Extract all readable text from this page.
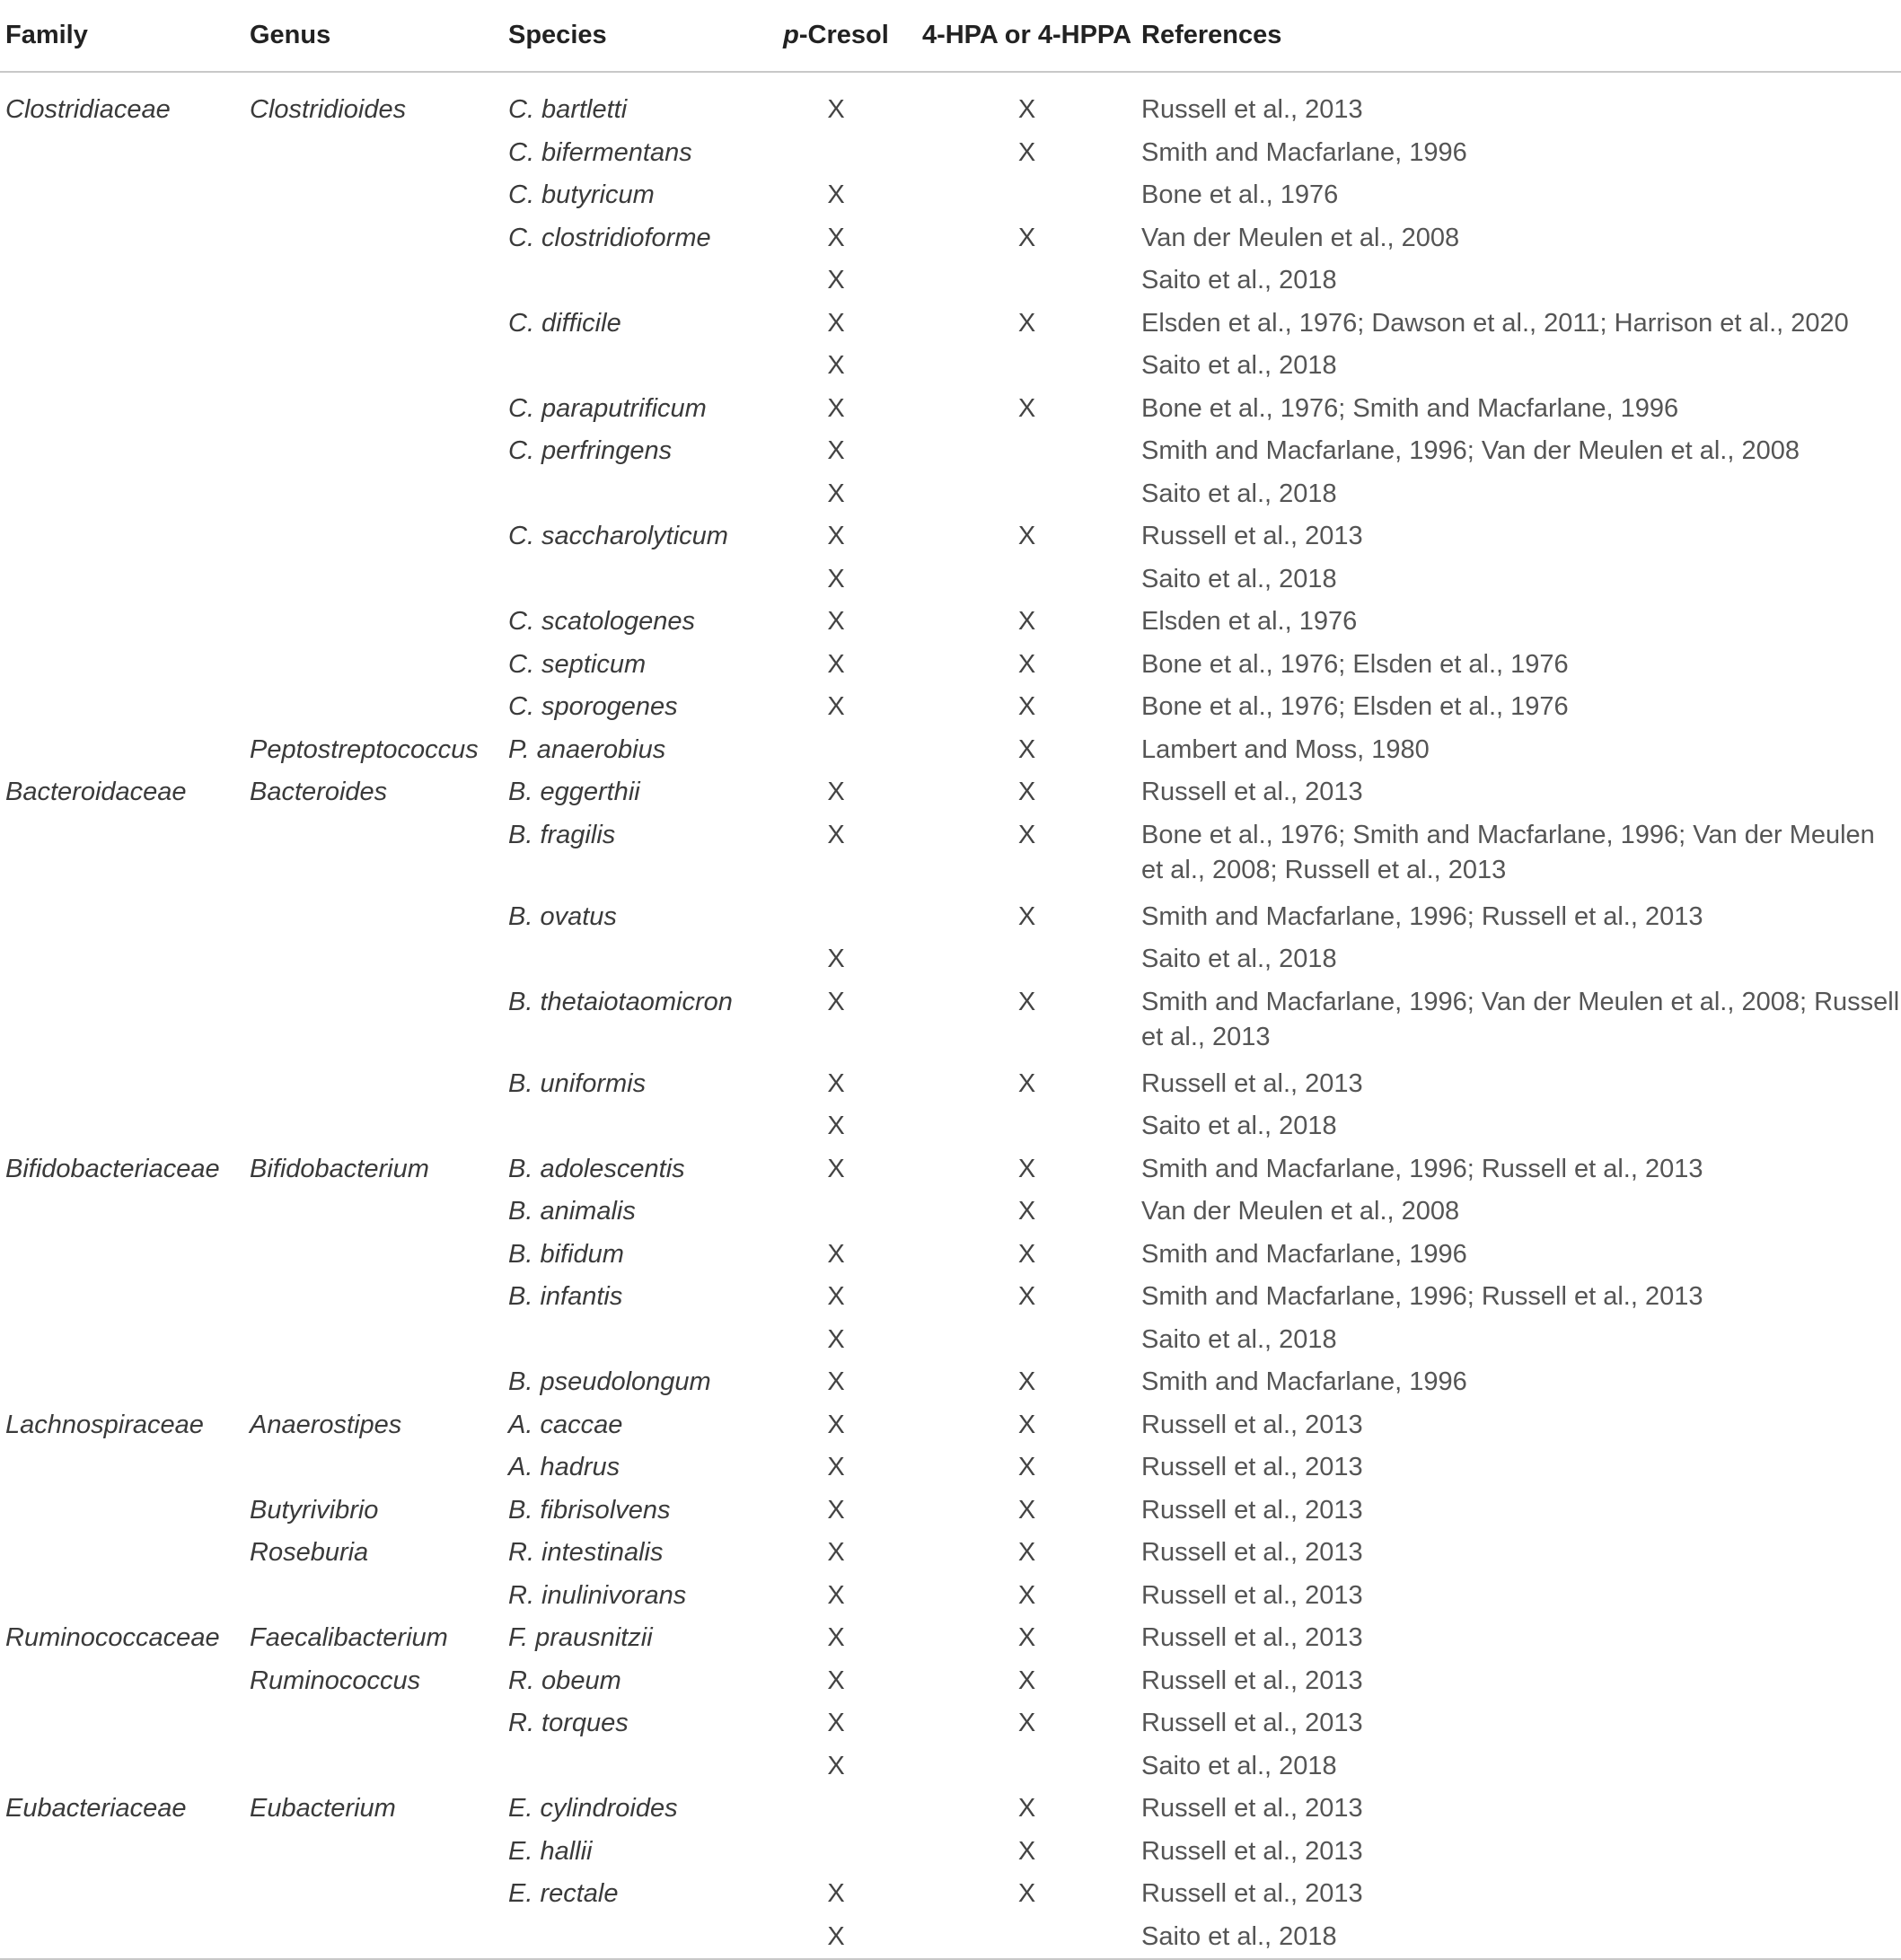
Family	Genus	Species	p-Cresol	4-HPA or 4-HPPA	References
Clostridiaceae	Clostridioides	C. bartletti	X	X	Russell et al., 2013
		C. bifermentans		X	Smith and Macfarlane, 1996
		C. butyricum	X		Bone et al., 1976
		C. clostridioforme	X	X	Van der Meulen et al., 2008
			X		Saito et al., 2018
		C. difficile	X	X	Elsden et al., 1976; Dawson et al., 2011; Harrison et al., 2020
			X		Saito et al., 2018
		C. paraputrificum	X	X	Bone et al., 1976; Smith and Macfarlane, 1996
		C. perfringens	X		Smith and Macfarlane, 1996; Van der Meulen et al., 2008
			X		Saito et al., 2018
		C. saccharolyticum	X	X	Russell et al., 2013
			X		Saito et al., 2018
		C. scatologenes	X	X	Elsden et al., 1976
		C. septicum	X	X	Bone et al., 1976; Elsden et al., 1976
		C. sporogenes	X	X	Bone et al., 1976; Elsden et al., 1976
	Peptostreptococcus	P. anaerobius		X	Lambert and Moss, 1980
Bacteroidaceae	Bacteroides	B. eggerthii	X	X	Russell et al., 2013
		B. fragilis	X	X	Bone et al., 1976; Smith and Macfarlane, 1996; Van der Meulen et al., 2008; Russell et al., 2013
		B. ovatus		X	Smith and Macfarlane, 1996; Russell et al., 2013
			X		Saito et al., 2018
		B. thetaiotaomicron	X	X	Smith and Macfarlane, 1996; Van der Meulen et al., 2008; Russell et al., 2013
		B. uniformis	X	X	Russell et al., 2013
			X		Saito et al., 2018
Bifidobacteriaceae	Bifidobacterium	B. adolescentis	X	X	Smith and Macfarlane, 1996; Russell et al., 2013
		B. animalis		X	Van der Meulen et al., 2008
		B. bifidum	X	X	Smith and Macfarlane, 1996
		B. infantis	X	X	Smith and Macfarlane, 1996; Russell et al., 2013
			X		Saito et al., 2018
		B. pseudolongum	X	X	Smith and Macfarlane, 1996
Lachnospiraceae	Anaerostipes	A. caccae	X	X	Russell et al., 2013
		A. hadrus	X	X	Russell et al., 2013
	Butyrivibrio	B. fibrisolvens	X	X	Russell et al., 2013
	Roseburia	R. intestinalis	X	X	Russell et al., 2013
		R. inulinivorans	X	X	Russell et al., 2013
Ruminococcaceae	Faecalibacterium	F. prausnitzii	X	X	Russell et al., 2013
	Ruminococcus	R. obeum	X	X	Russell et al., 2013
		R. torques	X	X	Russell et al., 2013
			X		Saito et al., 2018
Eubacteriaceae	Eubacterium	E. cylindroides		X	Russell et al., 2013
		E. hallii		X	Russell et al., 2013
		E. rectale	X	X	Russell et al., 2013
			X		Saito et al., 2018
